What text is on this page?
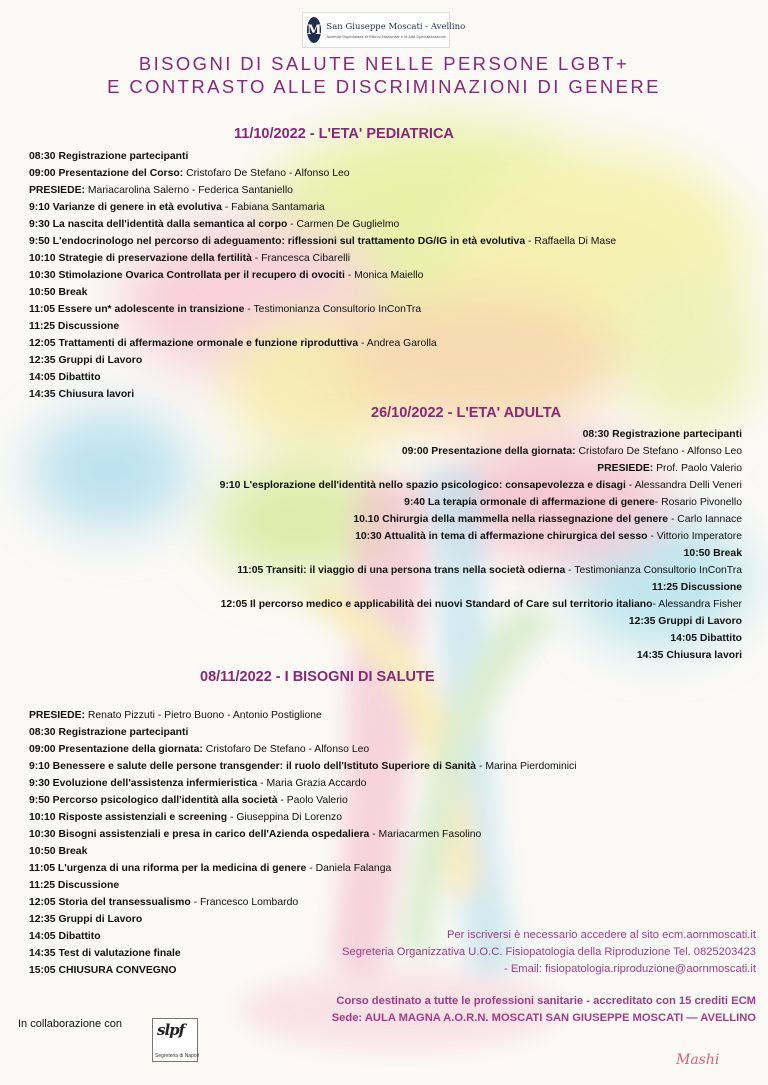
M San Giuseppe Moscati - Avellino
Azienda Ospedaliera di Rilievo Nazionale e di Alta Specializzazione
BISOGNI DI SALUTE NELLE PERSONE LGBT+
E CONTRASTO ALLE DISCRIMINAZIONI DI GENERE
11/10/2022 - L'ETA' PEDIATRICA
08:30 Registrazione partecipanti
09:00 Presentazione del Corso: Cristofaro De Stefano - Alfonso Leo
PRESIEDE: Mariacarolina Salerno - Federica Santaniello
9:10 Varianze di genere in età evolutiva - Fabiana Santamaria
9:30 La nascita dell'identità dalla semantica al corpo - Carmen De Guglielmo
9:50 L'endocrinologo nel percorso di adeguamento: riflessioni sul trattamento DG/IG in età evolutiva - Raffaella Di Mase
10:10 Strategie di preservazione della fertilità - Francesca Cibarelli
10:30 Stimolazione Ovarica Controllata per il recupero di ovociti - Monica Maiello
10:50 Break
11:05 Essere un* adolescente in transizione - Testimonianza Consultorio InConTra
11:25 Discussione
12:05 Trattamenti di affermazione ormonale e funzione riproduttiva - Andrea Garolla
12:35 Gruppi di Lavoro
14:05 Dibattito
14:35 Chiusura lavori
26/10/2022 - L'ETA' ADULTA
08:30 Registrazione partecipanti
09:00 Presentazione della giornata: Cristofaro De Stefano - Alfonso Leo
PRESIEDE: Prof. Paolo Valerio
9:10 L'esplorazione dell'identità nello spazio psicologico: consapevolezza e disagi - Alessandra Delli Veneri
9:40 La terapia ormonale di affermazione di genere- Rosario Pivonello
10.10 Chirurgia della mammella nella riassegnazione del genere - Carlo Iannace
10:30 Attualità in tema di affermazione chirurgica del sesso - Vittorio Imperatore
10:50 Break
11:05 Transiti: il viaggio di una persona trans nella società odierna - Testimonianza Consultorio InConTra
11:25 Discussione
12:05 Il percorso medico e applicabilità dei nuovi Standard of Care sul territorio italiano- Alessandra Fisher
12:35 Gruppi di Lavoro
14:05 Dibattito
14:35 Chiusura lavori
08/11/2022 - I BISOGNI DI SALUTE
PRESIEDE: Renato Pizzuti - Pietro Buono - Antonio Postiglione
08:30 Registrazione partecipanti
09:00 Presentazione della giornata: Cristofaro De Stefano - Alfonso Leo
9:10 Benessere e salute delle persone transgender: il ruolo dell'Istituto Superiore di Sanità - Marina Pierdominici
9:30 Evoluzione dell'assistenza infermieristica - Maria Grazia Accardo
9:50 Percorso psicologico dall'identità alla società - Paolo Valerio
10:10 Risposte assistenziali e screening - Giuseppina Di Lorenzo
10:30 Bisogni assistenziali e presa in carico dell'Azienda ospedaliera - Mariacarmen Fasolino
10:50 Break
11:05 L'urgenza di una riforma per la medicina di genere - Daniela Falanga
11:25 Discussione
12:05 Storia del transessualismo - Francesco Lombardo
12:35 Gruppi di Lavoro
14:05 Dibattito
14:35 Test di valutazione finale
15:05 CHIUSURA CONVEGNO
Per iscriversi è necessario accedere al sito ecm.aornmoscati.it
Segreteria Organizzativa U.O.C. Fisiopatologia della Riproduzione Tel. 0825203423
- Email: fisiopatologia.riproduzione@aornmoscati.it
Corso destinato a tutte le professioni sanitarie - accreditato con 15 crediti ECM
Sede: AULA MAGNA A.O.R.N. MOSCATI SAN GIUSEPPE MOSCATI — AVELLINO
In collaborazione con slpf
Segreteria di Napoli	Mashi
